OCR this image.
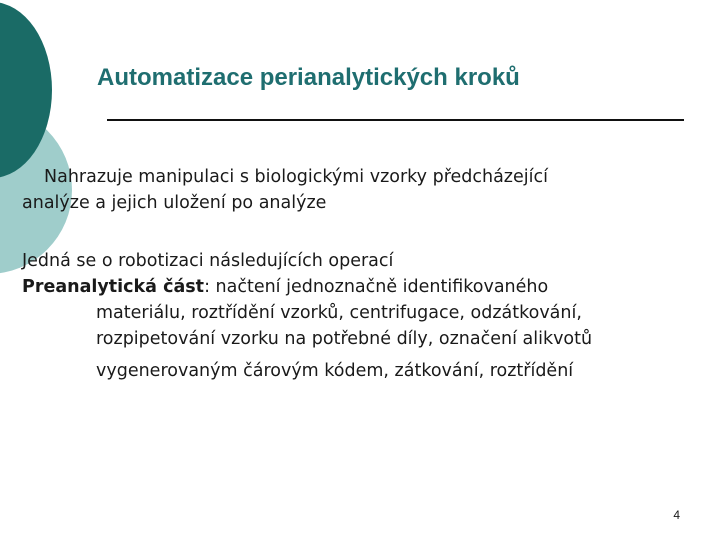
Automatizace perianalytických kroků
Nahrazuje manipulaci s biologickými vzorky předcházející
analýze a jejich uložení po analýze
Jedná se o robotizaci následujících operací
Preanalytická část: načtení jednoznačně identifikovaného
materiálu, roztřídění vzorků, centrifugace, odzátkování,
rozpipetování vzorku na potřebné díly, označení alikvotů
vygenerovaným čárovým kódem, zátkování, roztřídění
4
